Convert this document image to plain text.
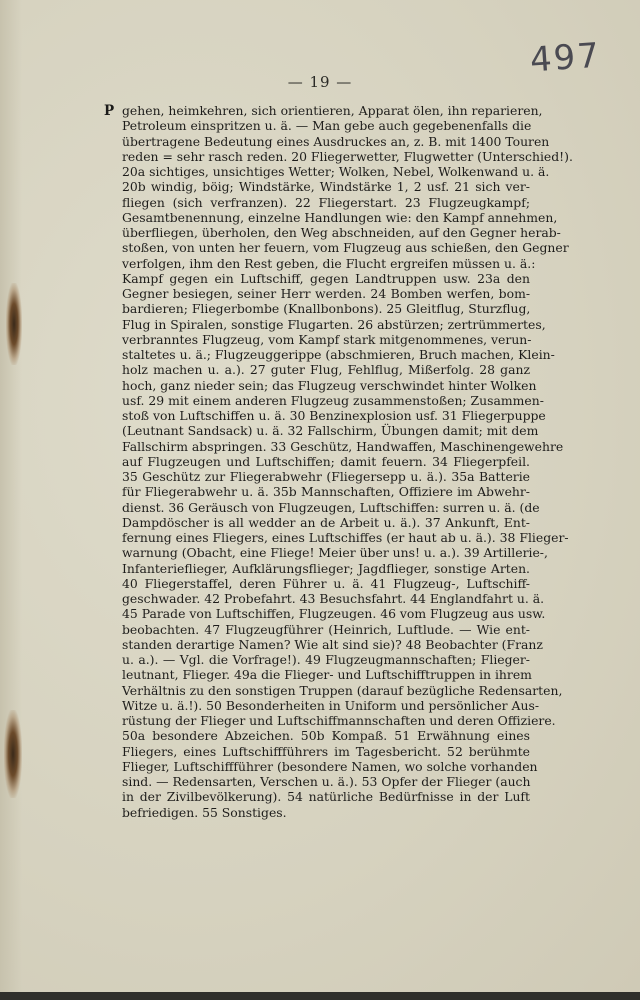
— 19 —
497
P gehen, heimkehren, sich orientieren, Apparat ölen, ihn reparieren,
Petroleum einspritzen u. ä. — Man gebe auch gegebenenfalls die
übertragene Bedeutung eines Ausdruckes an, z. B. mit 1400 Touren
reden = sehr rasch reden. 20 Fliegerwetter, Flugwetter (Unterschied!).
20a sichtiges, unsichtiges Wetter; Wolken, Nebel, Wolkenwand u. ä.
20b windig, böig; Windstärke, Windstärke 1, 2 usf. 21 sich ver-
fliegen (sich verfranzen). 22 Fliegerstart. 23 Flugzeugkampf;
Gesamtbenennung, einzelne Handlungen wie: den Kampf annehmen,
überfliegen, überholen, den Weg abschneiden, auf den Gegner herab-
stoßen, von unten her feuern, vom Flugzeug aus schießen, den Gegner
verfolgen, ihm den Rest geben, die Flucht ergreifen müssen u. ä.:
Kampf gegen ein Luftschiff, gegen Landtruppen usw. 23a den
Gegner besiegen, seiner Herr werden. 24 Bomben werfen, bom-
bardieren; Fliegerbombe (Knallbonbons). 25 Gleitflug, Sturzflug,
Flug in Spiralen, sonstige Flugarten. 26 abstürzen; zertrümmertes,
verbranntes Flugzeug, vom Kampf stark mitgenommenes, verun-
staltetes u. ä.; Flugzeuggerippe (abschmieren, Bruch machen, Klein-
holz machen u. a.). 27 guter Flug, Fehlflug, Mißerfolg. 28 ganz
hoch, ganz nieder sein; das Flugzeug verschwindet hinter Wolken
usf. 29 mit einem anderen Flugzeug zusammenstoßen; Zusammen-
stoß von Luftschiffen u. ä. 30 Benzinexplosion usf. 31 Fliegerpuppe
(Leutnant Sandsack) u. ä. 32 Fallschirm, Übungen damit; mit dem
Fallschirm abspringen. 33 Geschütz, Handwaffen, Maschinengewehre
auf Flugzeugen und Luftschiffen; damit feuern. 34 Fliegerpfeil.
35 Geschütz zur Fliegerabwehr (Fliegersepp u. ä.). 35a Batterie
für Fliegerabwehr u. ä. 35b Mannschaften, Offiziere im Abwehr-
dienst. 36 Geräusch von Flugzeugen, Luftschiffen: surren u. ä. (de
Dampdöscher is all wedder an de Arbeit u. ä.). 37 Ankunft, Ent-
fernung eines Fliegers, eines Luftschiffes (er haut ab u. ä.). 38 Flieger-
warnung (Obacht, eine Fliege! Meier über uns! u. a.). 39 Artillerie-,
Infanterieflieger, Aufklärungsflieger; Jagdflieger, sonstige Arten.
40 Fliegerstaffel, deren Führer u. ä. 41 Flugzeug-, Luftschiff-
geschwader. 42 Probefahrt. 43 Besuchsfahrt. 44 Englandfahrt u. ä.
45 Parade von Luftschiffen, Flugzeugen. 46 vom Flugzeug aus usw.
beobachten. 47 Flugzeugführer (Heinrich, Luftlude. — Wie ent-
standen derartige Namen? Wie alt sind sie)? 48 Beobachter (Franz
u. a.). — Vgl. die Vorfrage!). 49 Flugzeugmannschaften; Flieger-
leutnant, Flieger. 49a die Flieger- und Luftschifftruppen in ihrem
Verhältnis zu den sonstigen Truppen (darauf bezügliche Redensarten,
Witze u. ä.!). 50 Besonderheiten in Uniform und persönlicher Aus-
rüstung der Flieger und Luftschiffmannschaften und deren Offiziere.
50a besondere Abzeichen. 50b Kompaß. 51 Erwähnung eines
Fliegers, eines Luftschiffführers im Tagesbericht. 52 berühmte
Flieger, Luftschiffführer (besondere Namen, wo solche vorhanden
sind. — Redensarten, Verschen u. ä.). 53 Opfer der Flieger (auch
in der Zivilbevölkerung). 54 natürliche Bedürfnisse in der Luft
befriedigen. 55 Sonstiges.
